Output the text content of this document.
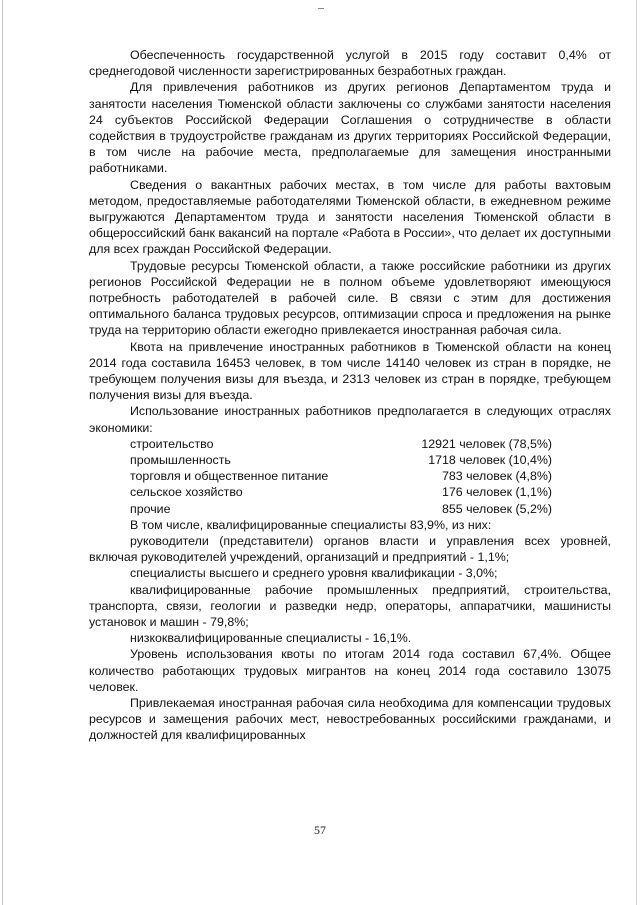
Обеспеченность государственной услугой в 2015 году составит 0,4% от среднегодовой численности зарегистрированных безработных граждан.

Для привлечения работников из других регионов Департаментом труда и занятости населения Тюменской области заключены со службами занятости населения 24 субъектов Российской Федерации Соглашения о сотрудничестве в области содействия в трудоустройстве гражданам из других территориях Российской Федерации, в том числе на рабочие места, предполагаемые для замещения иностранными работниками.

Сведения о вакантных рабочих местах, в том числе для работы вахтовым методом, предоставляемые работодателями Тюменской области, в ежедневном режиме выгружаются Департаментом труда и занятости населения Тюменской области в общероссийский банк вакансий на портале «Работа в России», что делает их доступными для всех граждан Российской Федерации.

Трудовые ресурсы Тюменской области, а также российские работники из других регионов Российской Федерации не в полном объеме удовлетворяют имеющуюся потребность работодателей в рабочей силе. В связи с этим для достижения оптимального баланса трудовых ресурсов, оптимизации спроса и предложения на рынке труда на территорию области ежегодно привлекается иностранная рабочая сила.

Квота на привлечение иностранных работников в Тюменской области на конец 2014 года составила 16453 человек, в том числе 14140 человек из стран в порядке, не требующем получения визы для въезда, и 2313 человек из стран в порядке, требующем получения визы для въезда.

Использование иностранных работников предполагается в следующих отраслях экономики:

строительство	12921 человек (78,5%)
промышленность	1718 человек (10,4%)
торговля и общественное питание	783 человек (4,8%)
сельское хозяйство	176 человек (1,1%)
прочие	855 человек (5,2%)

В том числе, квалифицированные специалисты 83,9%, из них:

руководители (представители) органов власти и управления всех уровней, включая руководителей учреждений, организаций и предприятий - 1,1%;

специалисты высшего и среднего уровня квалификации - 3,0%;

квалифицированные рабочие промышленных предприятий, строительства, транспорта, связи, геологии и разведки недр, операторы, аппаратчики, машинисты установок и машин - 79,8%;

низкоквалифицированные специалисты - 16,1%.

Уровень использования квоты по итогам 2014 года составил 67,4%. Общее количество работающих трудовых мигрантов на конец 2014 года составило 13075 человек.

Привлекаемая иностранная рабочая сила необходима для компенсации трудовых ресурсов и замещения рабочих мест, невостребованных российскими гражданами, и должностей для квалифицированных

57
